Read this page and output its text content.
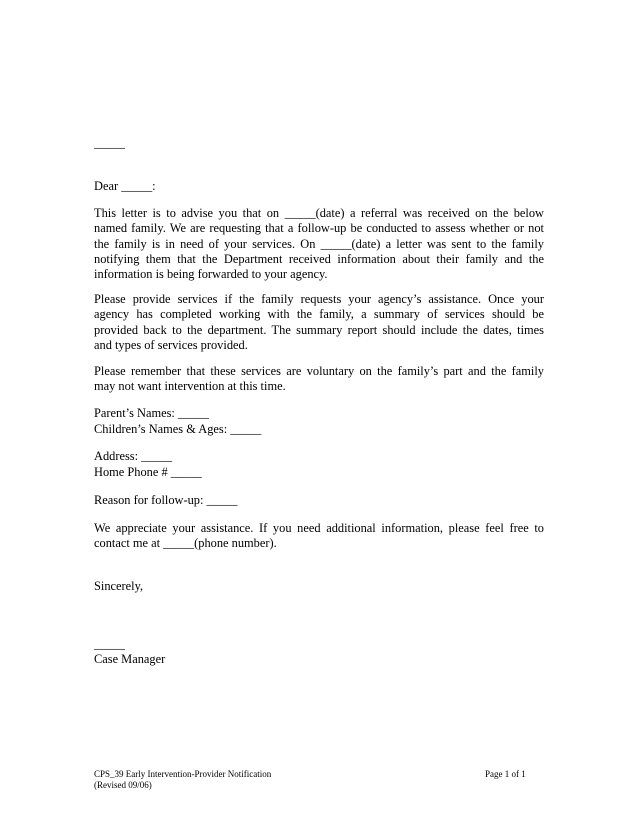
_____
Dear _____:
This letter is to advise you that on _____(date) a referral was received on the below
named family. We are requesting that a follow-up be conducted to assess whether or not
the family is in need of your services. On _____(date) a letter was sent to the family
notifying them that the Department received information about their family and the
information is being forwarded to your agency.
Please provide services if the family requests your agency’s assistance. Once your
agency has completed working with the family, a summary of services should be
provided back to the department. The summary report should include the dates, times
and types of services provided.
Please remember that these services are voluntary on the family’s part and the family
may not want intervention at this time.
Parent’s Names: _____
Children’s Names & Ages: _____
Address: _____
Home Phone # _____
Reason for follow-up: _____
We appreciate your assistance. If you need additional information, please feel free to
contact me at _____(phone number).
Sincerely,
_____
Case Manager
CPS_39 Early Intervention-Provider Notification
(Revised 09/06)
Page 1 of 1
